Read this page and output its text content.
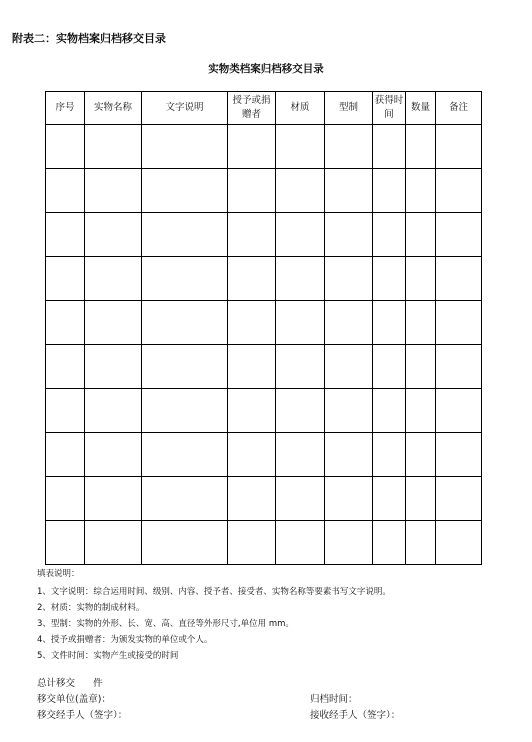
附表二：实物档案归档移交目录

实物类档案归档移交目录

序号	实物名称	文字说明	授予或捐赠者	材质	型制	获得时间	数量	备注

填表说明：
1、文字说明：综合运用时间、级别、内容、授予者、接受者、实物名称等要素书写文字说明。
2、材质：实物的制成材料。
3、型制：实物的外形、长、宽、高、直径等外形尺寸,单位用 mm。
4、授予或捐赠者：为颁发实物的单位或个人。
5、文件时间：实物产生或接受的时间
总计移交      件
移交单位(盖章)：	归档时间：
移交经手人（签字）：	接收经手人（签字）：
